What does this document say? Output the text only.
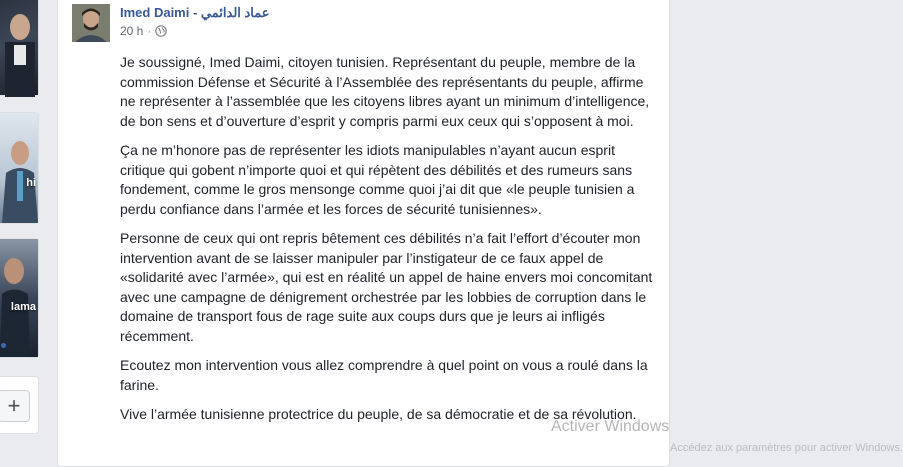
hi
lama
+
Imed Daimi - عماد الدائمي
20 h ·

Je soussigné, Imed Daimi, citoyen tunisien. Représentant du peuple, membre de la commission Défense et Sécurité à l’Assemblée des représentants du peuple, affirme ne représenter à l’assemblée que les citoyens libres ayant un minimum d’intelligence, de bon sens et d’ouverture d’esprit y compris parmi eux ceux qui s’opposent à moi.

Ça ne m’honore pas de représenter les idiots manipulables n’ayant aucun esprit critique qui gobent n’importe quoi et qui répètent des débilités et des rumeurs sans fondement, comme le gros mensonge comme quoi j’ai dit que «le peuple tunisien a perdu confiance dans l’armée et les forces de sécurité tunisiennes».

Personne de ceux qui ont repris bêtement ces débilités n’a fait l’effort d’écouter mon intervention avant de se laisser manipuler par l’instigateur de ce faux appel de «solidarité avec l’armée», qui est en réalité un appel de haine envers moi concomitant avec une campagne de dénigrement orchestrée par les lobbies de corruption dans le domaine de transport fous de rage suite aux coups durs que je leurs ai infligés récemment.

Ecoutez mon intervention vous allez comprendre à quel point on vous a roulé dans la farine.

Vive l’armée tunisienne protectrice du peuple, de sa démocratie et de sa révolution.

Activer Windows
Accédez aux paramètres pour activer Windows.
